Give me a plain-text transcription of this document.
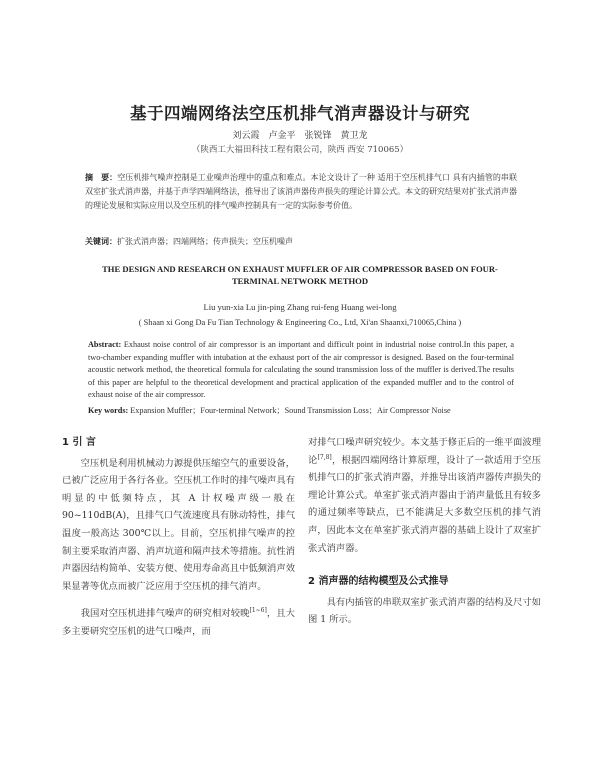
基于四端网络法空压机排气消声器设计与研究
刘云霞　卢金平　张锐锋　黄卫龙
（陕西工大福田科技工程有限公司，陕西 西安 710065）
摘　要：空压机排气噪声控制是工业噪声治理中的重点和难点。本论文设计了一种 适用于空压机排气口 具有内插管的串联双室扩张式消声器，并基于声学四端网络法，推导出了该消声器传声损失的理论计算公式。本文的研究结果对扩张式消声器的理论发展和实际应用以及空压机的排气噪声控制具有一定的实际参考价值。
关键词：扩张式消声器；四端网络；传声损失；空压机噪声
THE DESIGN AND RESEARCH ON EXHAUST MUFFLER OF AIR COMPRESSOR BASED ON FOUR-TERMINAL NETWORK METHOD
Liu yun-xia Lu jin-ping Zhang rui-feng Huang wei-long
( Shaan xi Gong Da Fu Tian Technology & Engineering Co., Ltd, Xi'an Shaanxi,710065,China )
Abstract: Exhaust noise control of air compressor is an important and difficult point in industrial noise control.In this paper, a two-chamber expanding muffler with intubation at the exhaust port of the air compressor is designed. Based on the four-terminal acoustic network method, the theoretical formula for calculating the sound transmission loss of the muffler is derived.The results of this paper are helpful to the theoretical development and practical application of the expanded muffler and to the control of exhaust noise of the air compressor.
Key words: Expansion Muffler；Four-terminal Network；Sound Transmission Loss；Air Compressor Noise
1 引 言

空压机是利用机械动力源提供压缩空气的重要设备，已被广泛应用于各行各业。空压机工作时的排气噪声具有明显的中低频特点，其 A 计权噪声级一般在 90~110dB(A)，且排气口气流速度具有脉动特性，排气温度一般高达 300℃以上。目前，空压机排气噪声的控制主要采取消声器、消声坑道和隔声技术等措施。抗性消声器因结构简单、安装方便、使用寿命高且中低频消声效果显著等优点而被广泛应用于空压机的排气消声。

我国对空压机进排气噪声的研究相对较晚[1~6]，且大多主要研究空压机的进气口噪声，而

对排气口噪声研究较少。本文基于修正后的一维平面波理论[7,8]，根据四端网络计算原理，设计了一款适用于空压机排气口的扩张式消声器，并推导出该消声器传声损失的理论计算公式。单室扩张式消声器由于消声量低且有较多的通过频率等缺点，已不能满足大多数空压机的排气消声，因此本文在单室扩张式消声器的基础上设计了双室扩张式消声器。

2 消声器的结构模型及公式推导

具有内插管的串联双室扩张式消声器的结构及尺寸如图 1 所示。
